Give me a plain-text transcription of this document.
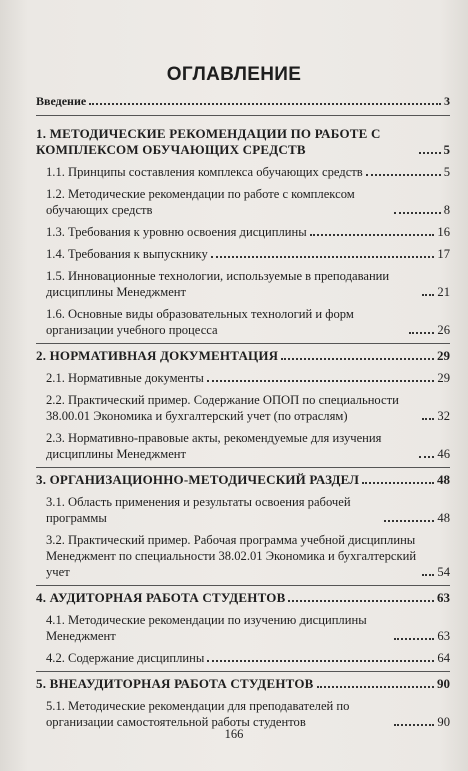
ОГЛАВЛЕНИЕ
Введение	3
1. МЕТОДИЧЕСКИЕ РЕКОМЕНДАЦИИ ПО РАБОТЕ С КОМПЛЕКСОМ ОБУЧАЮЩИХ СРЕДСТВ	5
1.1. Принципы составления комплекса обучающих средств	5
1.2. Методические рекомендации по работе с комплексом обучающих средств	8
1.3. Требования к уровню освоения дисциплины	16
1.4. Требования к выпускнику	17
1.5. Инновационные технологии, используемые в преподавании дисциплины Менеджмент	21
1.6. Основные виды образовательных технологий и форм организации учебного процесса	26
2. НОРМАТИВНАЯ ДОКУМЕНТАЦИЯ	29
2.1. Нормативные документы	29
2.2. Практический пример. Содержание ОПОП по специальности 38.00.01 Экономика и бухгалтерский учет (по отраслям)	32
2.3. Нормативно-правовые акты, рекомендуемые для изучения дисциплины Менеджмент	46
3. ОРГАНИЗАЦИОННО-МЕТОДИЧЕСКИЙ РАЗДЕЛ	48
3.1. Область применения и результаты освоения рабочей программы	48
3.2. Практический пример. Рабочая программа учебной дисциплины Менеджмент по специальности 38.02.01 Экономика и бухгалтерский учет	54
4. АУДИТОРНАЯ РАБОТА СТУДЕНТОВ	63
4.1. Методические рекомендации по изучению дисциплины Менеджмент	63
4.2. Содержание дисциплины	64
5. ВНЕАУДИТОРНАЯ РАБОТА СТУДЕНТОВ	90
5.1. Методические рекомендации для преподавателей по организации самостоятельной работы студентов	90
166
